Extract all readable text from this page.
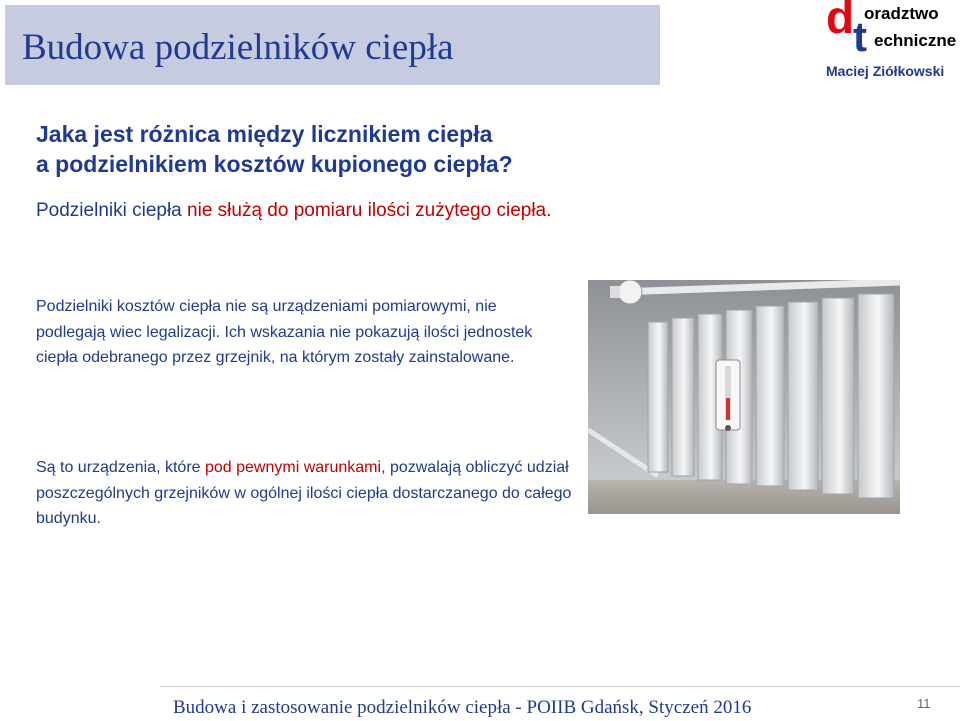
Budowa podzielników ciepła
d
t
oradztwo
echniczne
Maciej Ziółkowski
Jaka jest różnica między licznikiem ciepła
a podzielnikiem kosztów kupionego ciepła?
Podzielniki ciepła nie służą do pomiaru ilości zużytego ciepła.
Podzielniki kosztów ciepła nie są urządzeniami pomiarowymi, nie podlegają wiec legalizacji. Ich wskazania nie pokazują ilości jednostek ciepła odebranego przez grzejnik, na którym zostały zainstalowane.
Są to urządzenia, które pod pewnymi warunkami, pozwalają obliczyć udział poszczególnych grzejników w ogólnej ilości ciepła dostarczanego do całego budynku.
Budowa i zastosowanie podzielników ciepła - POIIB Gdańsk, Styczeń 2016	11
